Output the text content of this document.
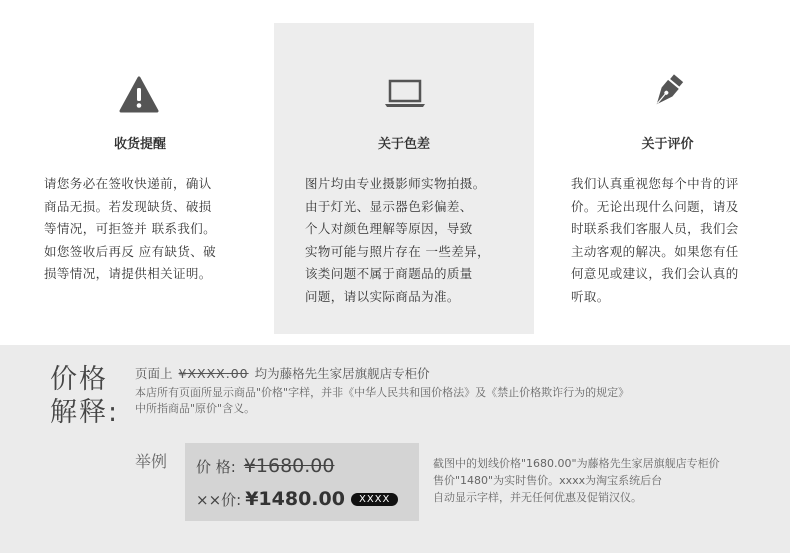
收货提醒
请您务必在签收快递前，确认
商品无损。若发现缺货、破损
等情况，可拒签并 联系我们。
如您签收后再反 应有缺货、破
损等情况，请提供相关证明。
关于色差
图片均由专业摄影师实物拍摄。
由于灯光、显示器色彩偏差、
个人对颜色理解等原因，导致
实物可能与照片存在 一些差异，
该类问题不属于商题品的质量
问题，请以实际商品为准。
关于评价
我们认真重视您每个中肯的评
价。无论出现什么问题，请及
时联系我们客服人员，我们会
主动客观的解决。如果您有任
何意见或建议，我们会认真的
听取。
价格
解释:
页面上 ¥XXXX.00 均为藤格先生家居旗舰店专柜价
本店所有页面所显示商品"价格"字样，并非《中华人民共和国价格法》及《禁止价格欺诈行为的规定》
中所指商品"原价"含义。
举例 价 格: ¥1680.00
××价: ¥1480.00 XXXX
截图中的划线价格"1680.00"为藤格先生家居旗舰店专柜价
售价"1480"为实时售价。xxxx为淘宝系统后台
自动显示字样，并无任何优惠及促销汉仪。
